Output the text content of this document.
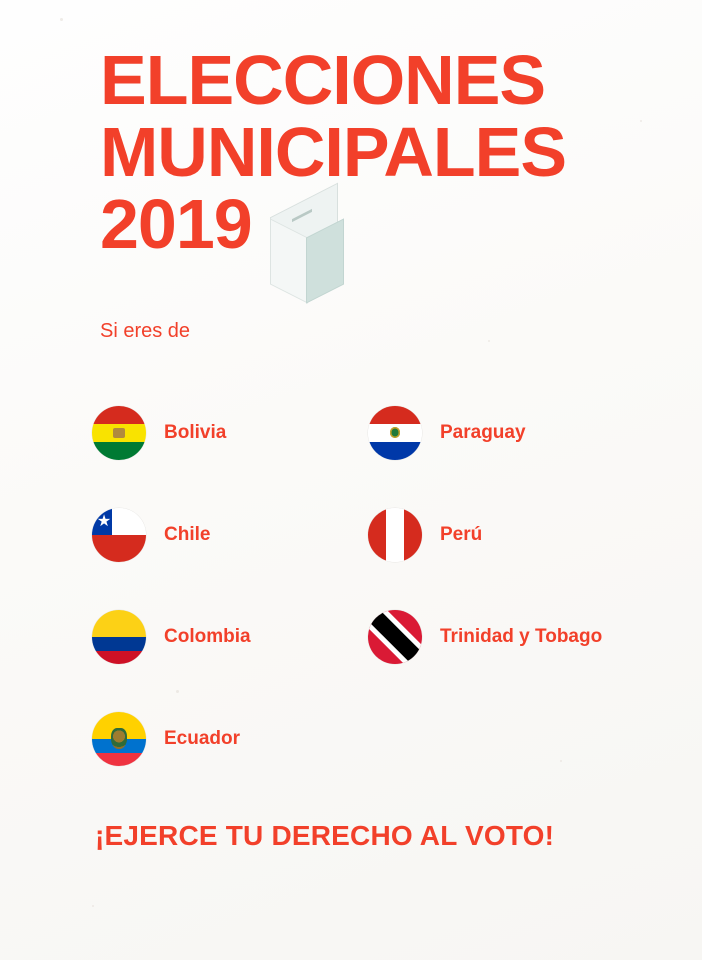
ELECCIONES
MUNICIPALES
2019
Si eres de
Bolivia
★
Chile
Colombia
Ecuador
Paraguay
Perú
Trinidad y Tobago
¡EJERCE TU DERECHO AL VOTO!
